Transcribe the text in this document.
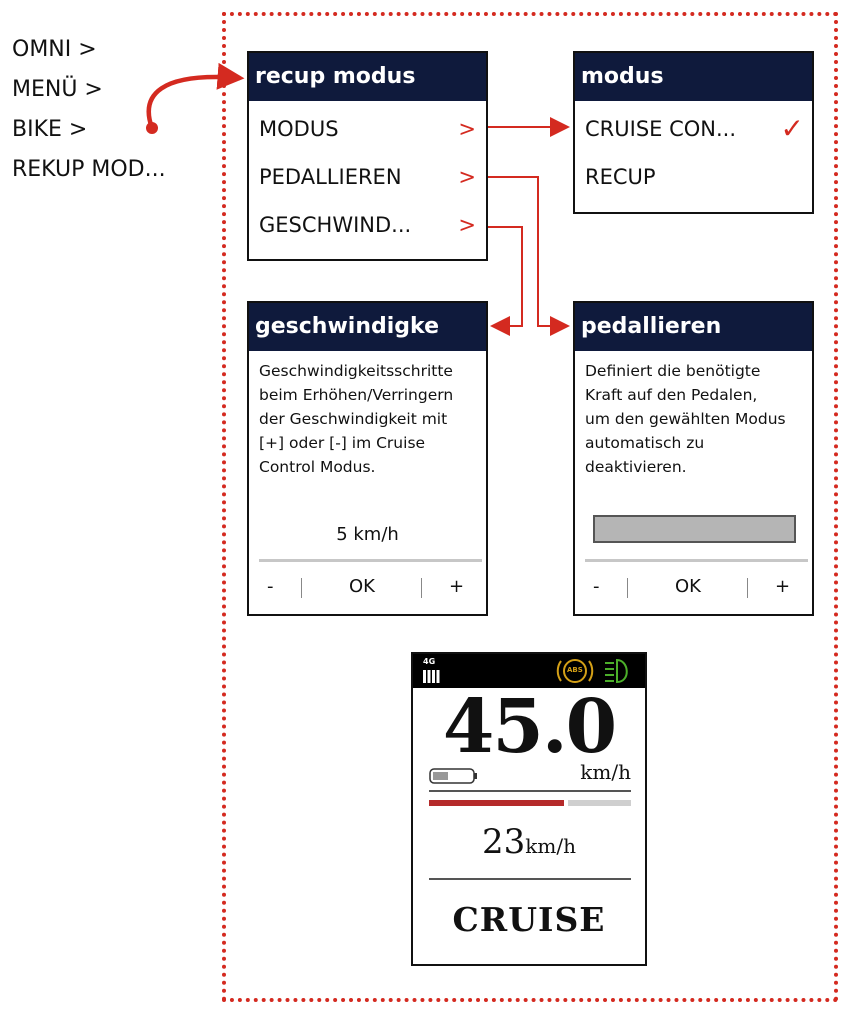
OMNI >
MENÜ >
BIKE >
REKUP MOD...
recup modus
MODUS	>
PEDALLIEREN	>
GESCHWIND... >
modus
CRUISE CON... ✓
RECUP
geschwindigke
Geschwindigkeitsschritte
beim Erhöhen/Verringern
der Geschwindigkeit mit
[+] oder [-] im Cruise
Control Modus.
5 km/h
-	OK	+
pedallieren
Definiert die benötigte
Kraft auf den Pedalen,
um den gewählten Modus
automatisch zu
deaktivieren.
-	OK	+
4G
ABS
45.0
km/h
23km/h
CRUISE
